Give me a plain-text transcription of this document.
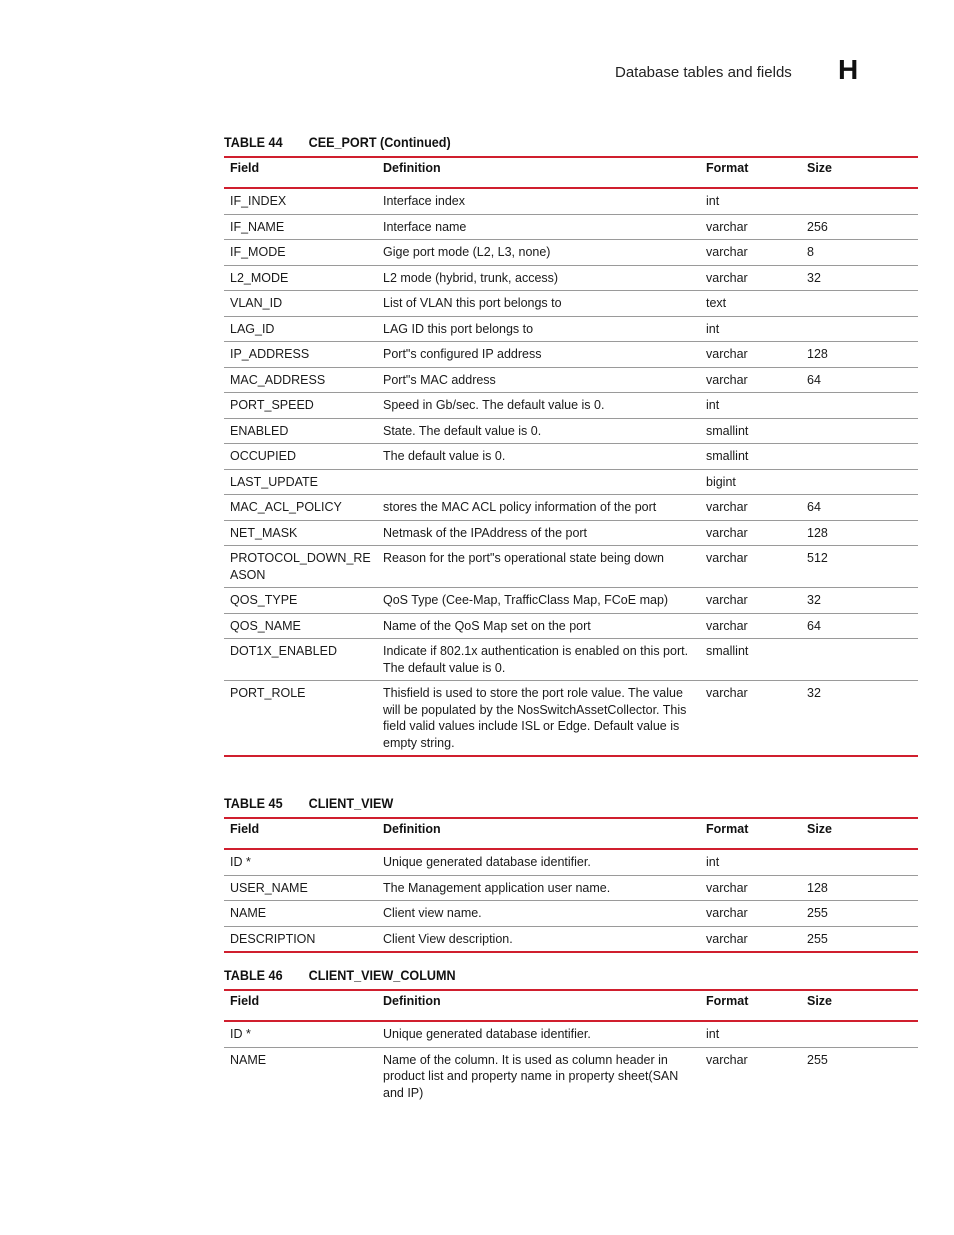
Database tables and fields H
TABLE 44 CEE_PORT (Continued)
Field	Definition	Format	Size
IF_INDEX	Interface index	int	
IF_NAME	Interface name	varchar	256
IF_MODE	Gige port mode (L2, L3, none)	varchar	8
L2_MODE	L2 mode (hybrid, trunk, access)	varchar	32
VLAN_ID	List of VLAN this port belongs to	text	
LAG_ID	LAG ID this port belongs to	int	
IP_ADDRESS	Port"s configured IP address	varchar	128
MAC_ADDRESS	Port"s MAC address	varchar	64
PORT_SPEED	Speed in Gb/sec. The default value is 0.	int	
ENABLED	State. The default value is 0.	smallint	
OCCUPIED	The default value is 0.	smallint	
LAST_UPDATE		bigint	
MAC_ACL_POLICY	stores the MAC ACL policy information of the port	varchar	64
NET_MASK	Netmask of the IPAddress of the port	varchar	128
PROTOCOL_DOWN_REASON	Reason for the port"s operational state being down	varchar	512
QOS_TYPE	QoS Type (Cee-Map, TrafficClass Map, FCoE map)	varchar	32
QOS_NAME	Name of the QoS Map set on the port	varchar	64
DOT1X_ENABLED	Indicate if 802.1x authentication is enabled on this port. The default value is 0.	smallint	
PORT_ROLE	Thisfield is used to store the port role value. The value will be populated by the NosSwitchAssetCollector. This field valid values include ISL or Edge. Default value is empty string.	varchar	32
TABLE 45 CLIENT_VIEW
Field	Definition	Format	Size
ID *	Unique generated database identifier.	int	
USER_NAME	The Management application user name.	varchar	128
NAME	Client view name.	varchar	255
DESCRIPTION	Client View description.	varchar	255
TABLE 46 CLIENT_VIEW_COLUMN
Field	Definition	Format	Size
ID *	Unique generated database identifier.	int	
NAME	Name of the column. It is used as column header in product list and property name in property sheet(SAN and IP)	varchar	255
